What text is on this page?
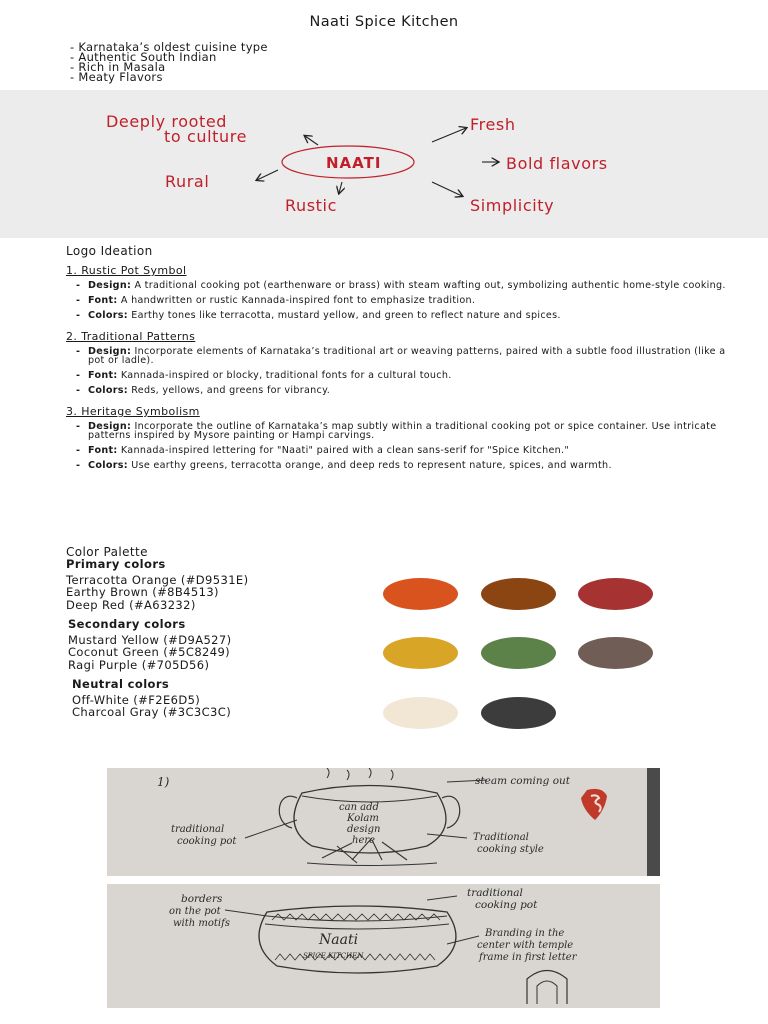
Naati Spice Kitchen
- Karnataka’s oldest cuisine type
- Authentic South Indian
- Rich in Masala
- Meaty Flavors
Deeply rooted
to culture
Fresh
NAATI	Bold flavors
Rural
Rustic	Simplicity
Logo Ideation
1. Rustic Pot Symbol
- Design: A traditional cooking pot (earthenware or brass) with steam wafting out, symbolizing authentic home-style cooking.
- Font: A handwritten or rustic Kannada-inspired font to emphasize tradition.
- Colors: Earthy tones like terracotta, mustard yellow, and green to reflect nature and spices.
2. Traditional Patterns
- Design: Incorporate elements of Karnataka’s traditional art or weaving patterns, paired with a subtle food illustration (like a pot or ladle).
- Font: Kannada-inspired or blocky, traditional fonts for a cultural touch.
- Colors: Reds, yellows, and greens for vibrancy.
3. Heritage Symbolism
- Design: Incorporate the outline of Karnataka’s map subtly within a traditional cooking pot or spice container. Use intricate patterns inspired by Mysore painting or Hampi carvings.
- Font: Kannada-inspired lettering for "Naati" paired with a clean sans-serif for "Spice Kitchen."
- Colors: Use earthy greens, terracotta orange, and deep reds to represent nature, spices, and warmth.
Color Palette
Primary colors
Terracotta Orange (#D9531E)
Earthy Brown (#8B4513)
Deep Red (#A63232)
Secondary colors
Mustard Yellow (#D9A527)
Coconut Green (#5C8249)
Ragi Purple (#705D56)
Neutral colors
Off-White (#F2E6D5)
Charcoal Gray (#3C3C3C)
1)	steam coming out
can add
Kolam
design
here
traditional
cooking pot	Traditional
cooking style
borders
on the pot
with motifs
traditional
cooking pot
Naati
SPICE KITCHEN
Branding in the
center with temple
frame in first letter
